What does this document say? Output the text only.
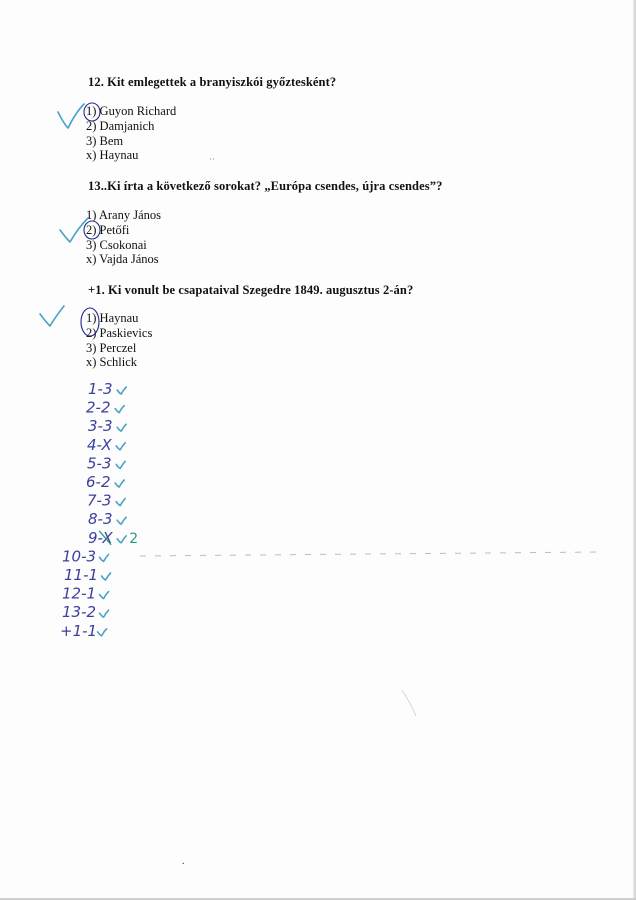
12. Kit emlegettek a branyiszkói győztesként?
1) Guyon Richard
2) Damjanich
3) Bem
x) Haynau
13..Ki írta a következő sorokat? „Európa csendes, újra csendes”?
1) Arany János
2) Petőfi
3) Csokonai
x) Vajda János
+1. Ki vonult be csapataival Szegedre 1849. augusztus 2-án?
1) Haynau
2) Paskievics
3) Perczel
x) Schlick
˙˙
.
1-3
2-2
3-3
4-X
5-3
6-2
7-3
8-3
9-X 2
10-3
11-1
12-1
13-2
+1-1
